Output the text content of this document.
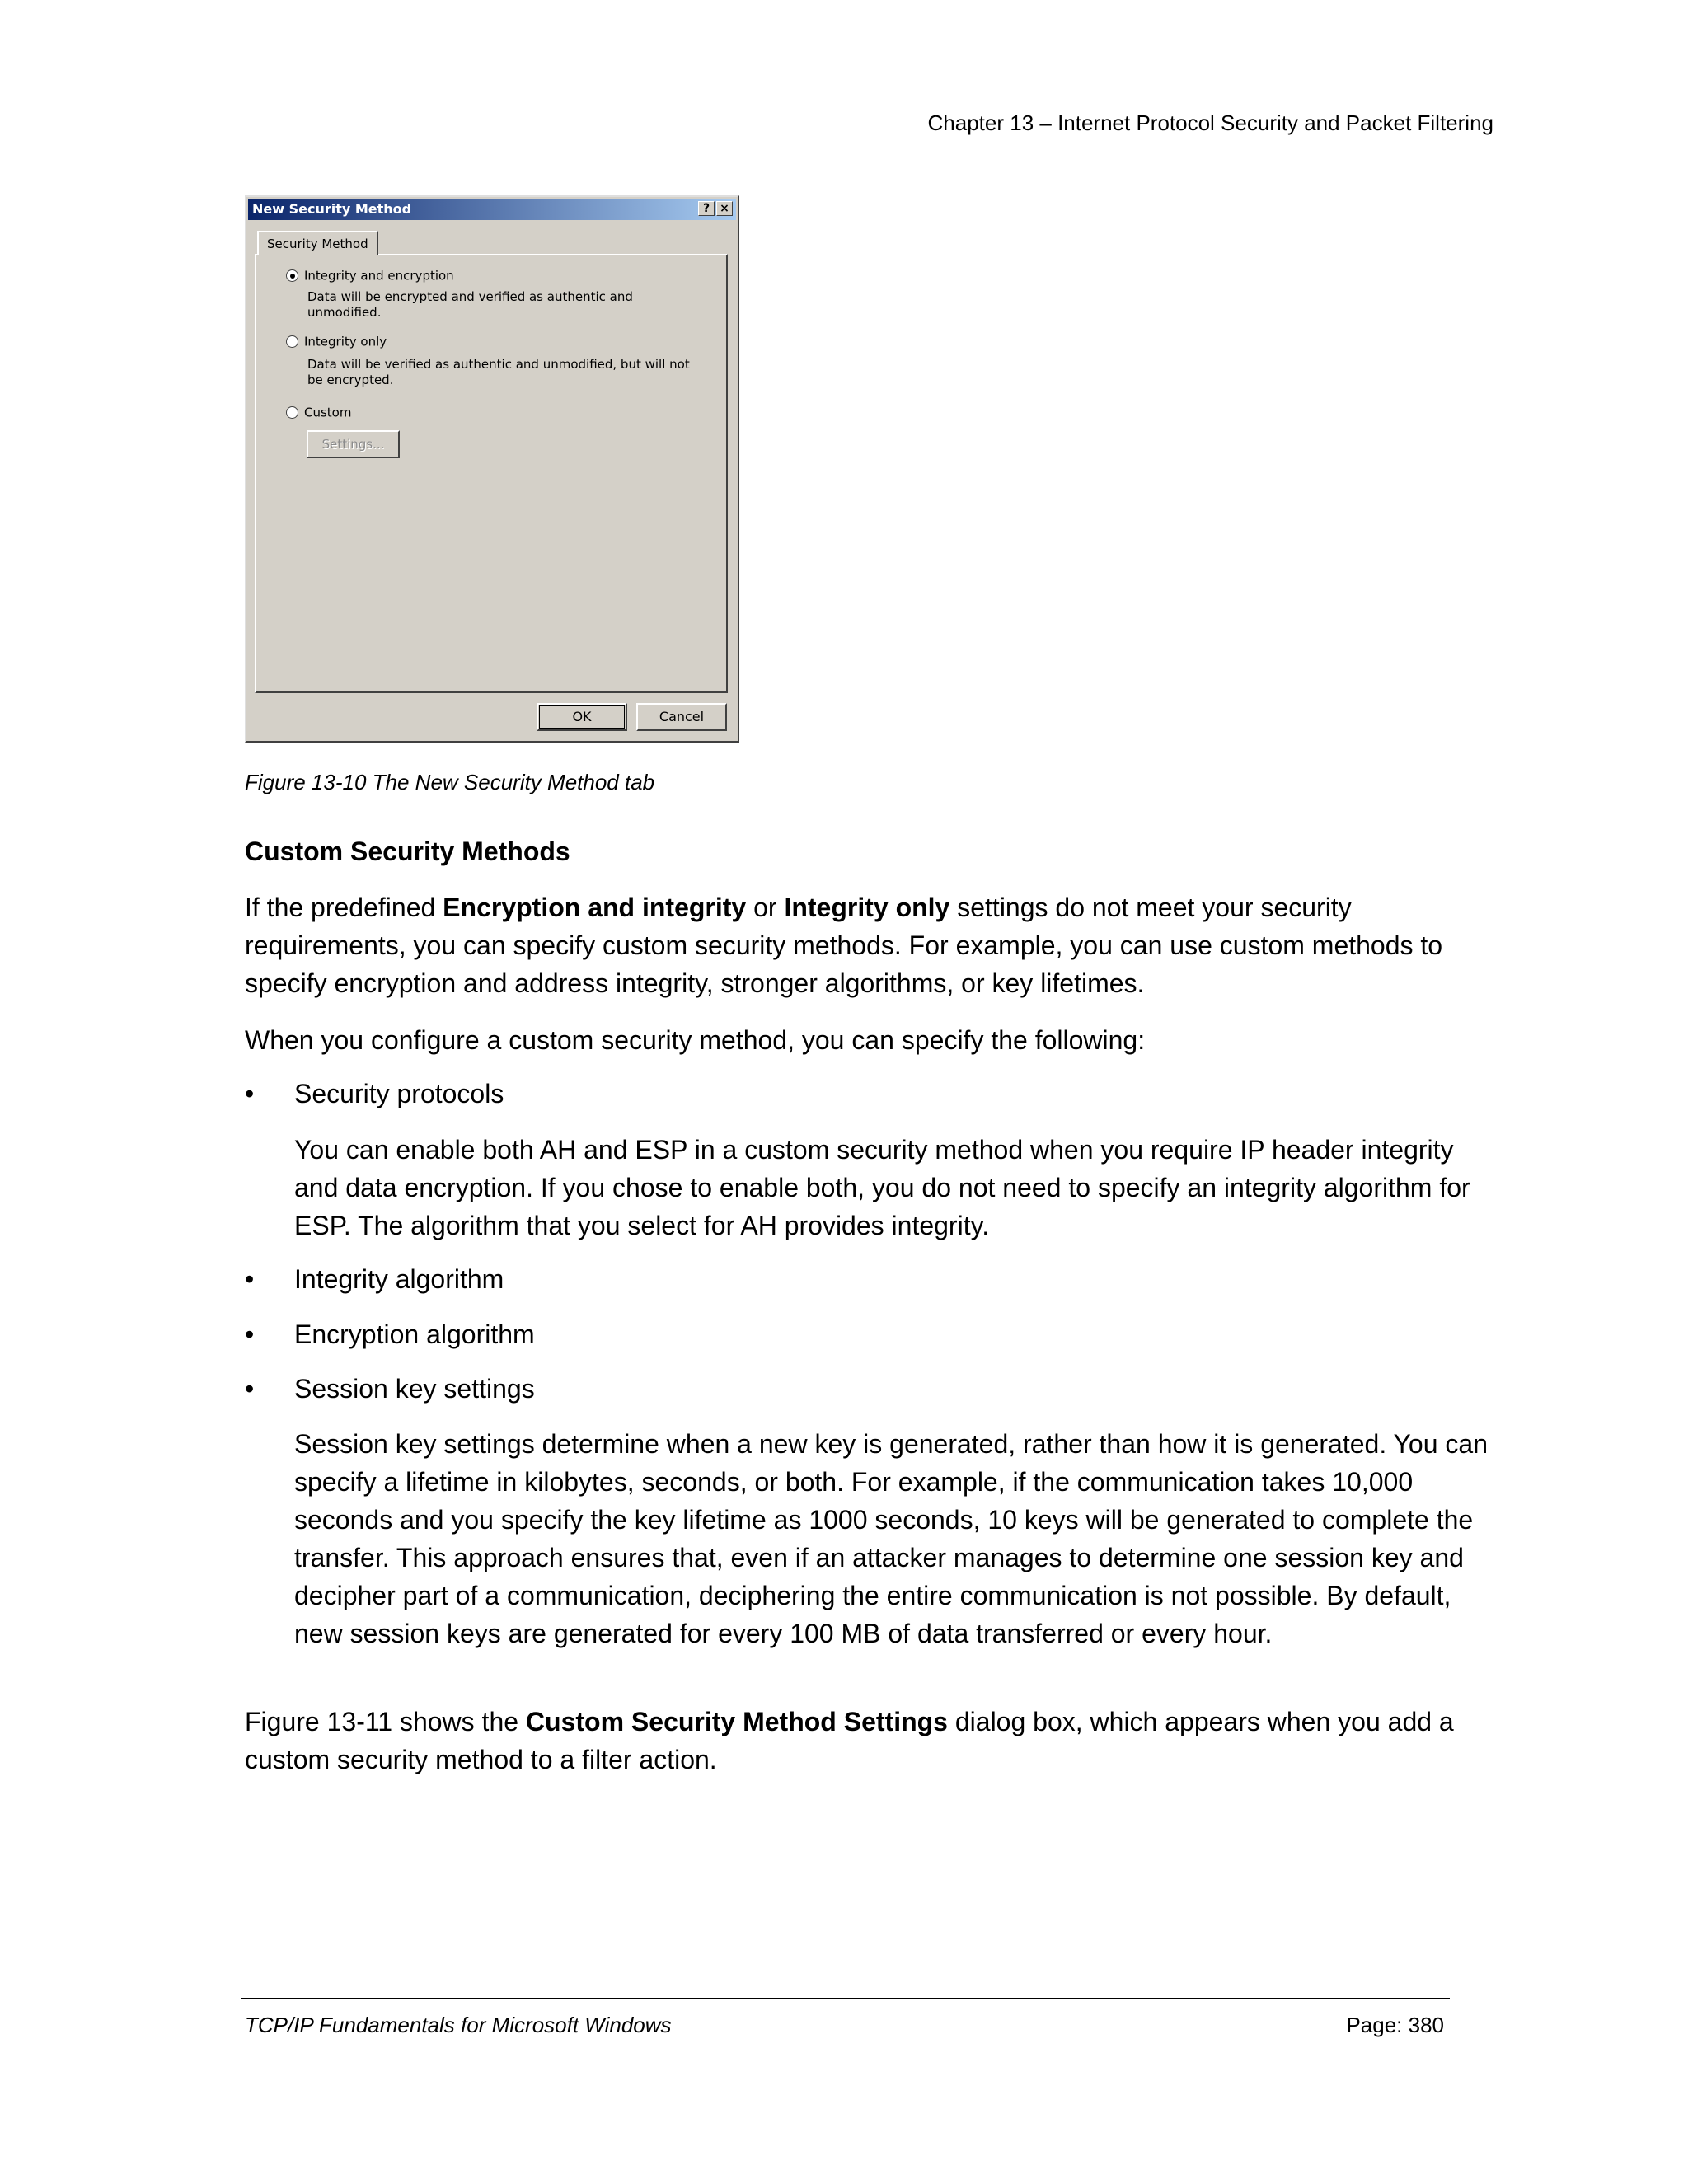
Chapter 13 – Internet Protocol Security and Packet Filtering
New Security Method	? ×
Security Method
Integrity and encryption
Data will be encrypted and verified as authentic and unmodified.
Integrity only
Data will be verified as authentic and unmodified, but will not be encrypted.
Custom
Settings...
OK	Cancel
Figure 13-10 The New Security Method tab
Custom Security Methods
If the predefined Encryption and integrity or Integrity only settings do not meet your security requirements, you can specify custom security methods. For example, you can use custom methods to specify encryption and address integrity, stronger algorithms, or key lifetimes.
When you configure a custom security method, you can specify the following:
• Security protocols
You can enable both AH and ESP in a custom security method when you require IP header integrity and data encryption. If you chose to enable both, you do not need to specify an integrity algorithm for ESP. The algorithm that you select for AH provides integrity.
• Integrity algorithm
• Encryption algorithm
• Session key settings
Session key settings determine when a new key is generated, rather than how it is generated. You can specify a lifetime in kilobytes, seconds, or both. For example, if the communication takes 10,000 seconds and you specify the key lifetime as 1000 seconds, 10 keys will be generated to complete the transfer. This approach ensures that, even if an attacker manages to determine one session key and decipher part of a communication, deciphering the entire communication is not possible. By default, new session keys are generated for every 100 MB of data transferred or every hour.
Figure 13-11 shows the Custom Security Method Settings dialog box, which appears when you add a custom security method to a filter action.
TCP/IP Fundamentals for Microsoft Windows	Page: 380
